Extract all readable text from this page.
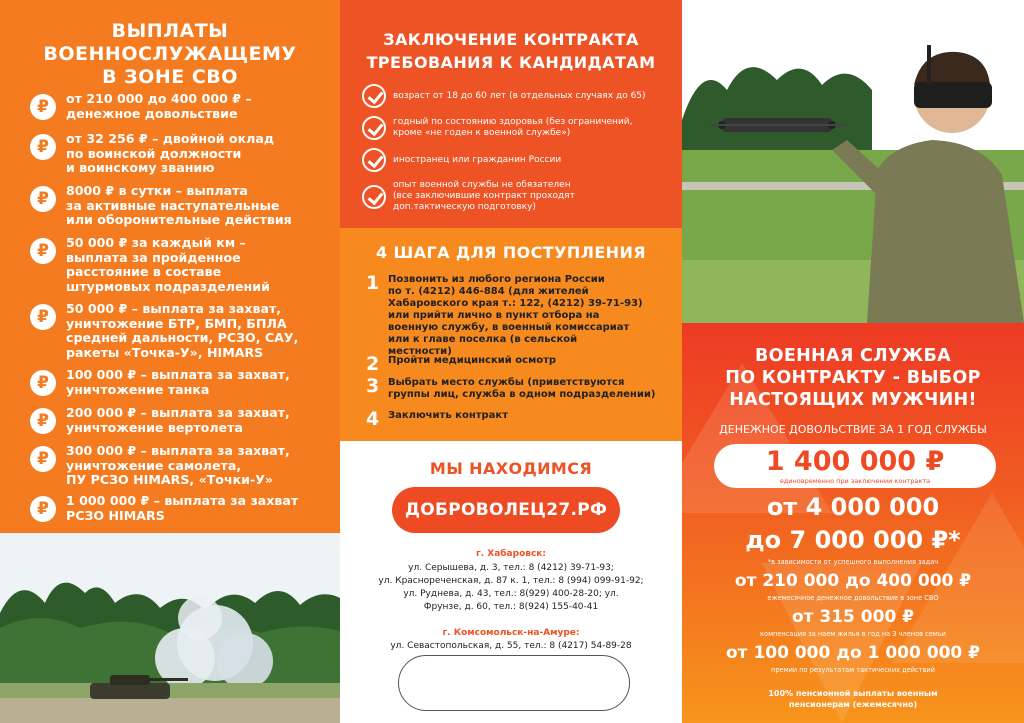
ВЫПЛАТЫ
ВОЕННОСЛУЖАЩЕМУ
В ЗОНЕ СВО
₽	от 210 000 до 400 000 ₽ –
денежное довольствие
₽	от 32 256 ₽ – двойной оклад
по воинской должности
и воинскому званию
₽	8000 ₽ в сутки – выплата
за активные наступательные
или оборонительные действия
₽	50 000 ₽ за каждый км –
выплата за пройденное
расстояние в составе
штурмовых подразделений
₽	50 000 ₽ – выплата за захват,
уничтожение БТР, БМП, БПЛА
средней дальности, РСЗО, САУ,
ракеты «Точка-У», HIMARS
₽	100 000 ₽ – выплата за захват,
уничтожение танка
₽	200 000 ₽ – выплата за захват,
уничтожение вертолета
₽	300 000 ₽ – выплата за захват,
уничтожение самолета,
ПУ РСЗО HIMARS, «Точки-У»
₽	1 000 000 ₽ – выплата за захват
РСЗО HIMARS
ЗАКЛЮЧЕНИЕ КОНТРАКТА
ТРЕБОВАНИЯ К КАНДИДАТАМ
возраст от 18 до 60 лет (в отдельных случаях до 65)
годный по состоянию здоровья (без ограничений,
кроме «не годен к военной службе»)
иностранец или гражданин России
опыт военной службы не обязателен
(все заключившие контракт проходят
доп.тактическую подготовку)
4 ШАГА ДЛЯ ПОСТУПЛЕНИЯ
1 Позвонить из любого региона России
по т. (4212) 446-884 (для жителей
Хабаровского края т.: 122, (4212) 39-71-93)
или прийти лично в пункт отбора на
военную службу, в военный комиссариат
или к главе поселка (в сельской
местности)
2 Пройти медицинский осмотр
3 Выбрать место службы (приветствуются
группы лиц, служба в одном подразделении)
4 Заключить контракт
МЫ НАХОДИМСЯ
ДОБРОВОЛЕЦ27.РФ
г. Хабаровск:
ул. Серышева, д. 3, тел.: 8 (4212) 39-71-93;
ул. Краснореченская, д. 87 к. 1, тел.: 8 (994) 099-91-92;
ул. Руднева, д. 43, тел.: 8(929) 400-28-20; ул.
Фрунзе, д. 60, тел.: 8(924) 155-40-41
г. Комсомольск-на-Амуре:
ул. Севастопольская, д. 55, тел.: 8 (4217) 54-89-28
ВОЕННАЯ СЛУЖБА
ПО КОНТРАКТУ - ВЫБОР
НАСТОЯЩИХ МУЖЧИН!
ДЕНЕЖНОЕ ДОВОЛЬСТВИЕ ЗА 1 ГОД СЛУЖБЫ
1 400 000 ₽
единовременно при заключении контракта
от 4 000 000
до 7 000 000 ₽*
*в зависимости от успешного выполнения задач
от 210 000 до 400 000 ₽
ежемесячное денежное довольствие в зоне СВО
от 315 000 ₽
компенсация за наем жилья в год на 3 членов семьи
от 100 000 до 1 000 000 ₽
премии по результатам тактических действий
100% пенсионной выплаты военным
пенсионерам (ежемесячно)
